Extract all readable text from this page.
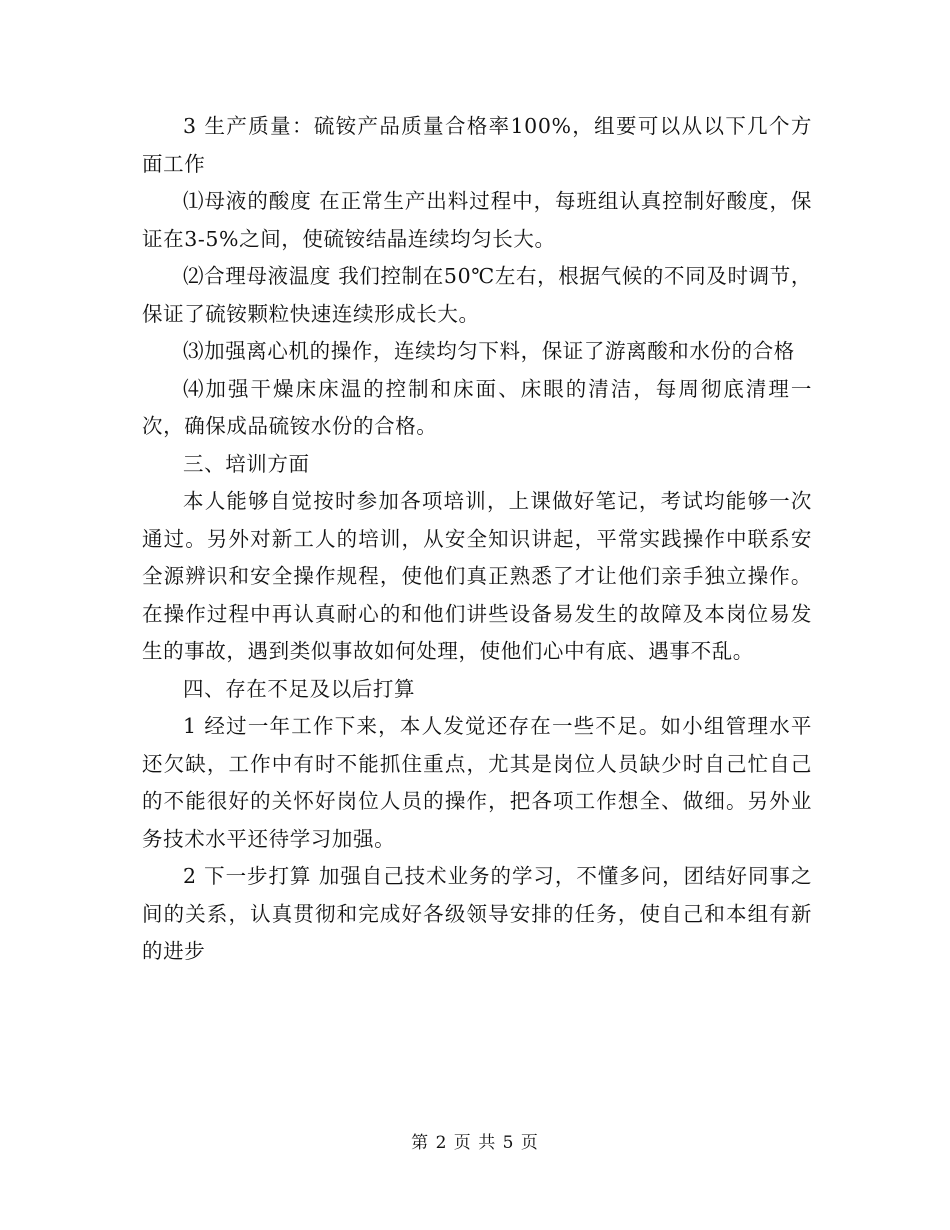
3 生产质量：硫铵产品质量合格率100%，组要可以从以下几个方面工作

⑴母液的酸度 在正常生产出料过程中，每班组认真控制好酸度，保证在3-5%之间，使硫铵结晶连续均匀长大。

⑵合理母液温度 我们控制在50℃左右，根据气候的不同及时调节，保证了硫铵颗粒快速连续形成长大。

⑶加强离心机的操作，连续均匀下料，保证了游离酸和水份的合格

⑷加强干燥床床温的控制和床面、床眼的清洁，每周彻底清理一次，确保成品硫铵水份的合格。

三、培训方面

本人能够自觉按时参加各项培训，上课做好笔记，考试均能够一次通过。另外对新工人的培训，从安全知识讲起，平常实践操作中联系安全源辨识和安全操作规程，使他们真正熟悉了才让他们亲手独立操作。在操作过程中再认真耐心的和他们讲些设备易发生的故障及本岗位易发生的事故，遇到类似事故如何处理，使他们心中有底、遇事不乱。

四、存在不足及以后打算

1 经过一年工作下来，本人发觉还存在一些不足。如小组管理水平还欠缺，工作中有时不能抓住重点，尤其是岗位人员缺少时自己忙自己的不能很好的关怀好岗位人员的操作，把各项工作想全、做细。另外业务技术水平还待学习加强。

2 下一步打算 加强自己技术业务的学习，不懂多问，团结好同事之间的关系，认真贯彻和完成好各级领导安排的任务，使自己和本组有新的进步

第 2 页 共 5 页
